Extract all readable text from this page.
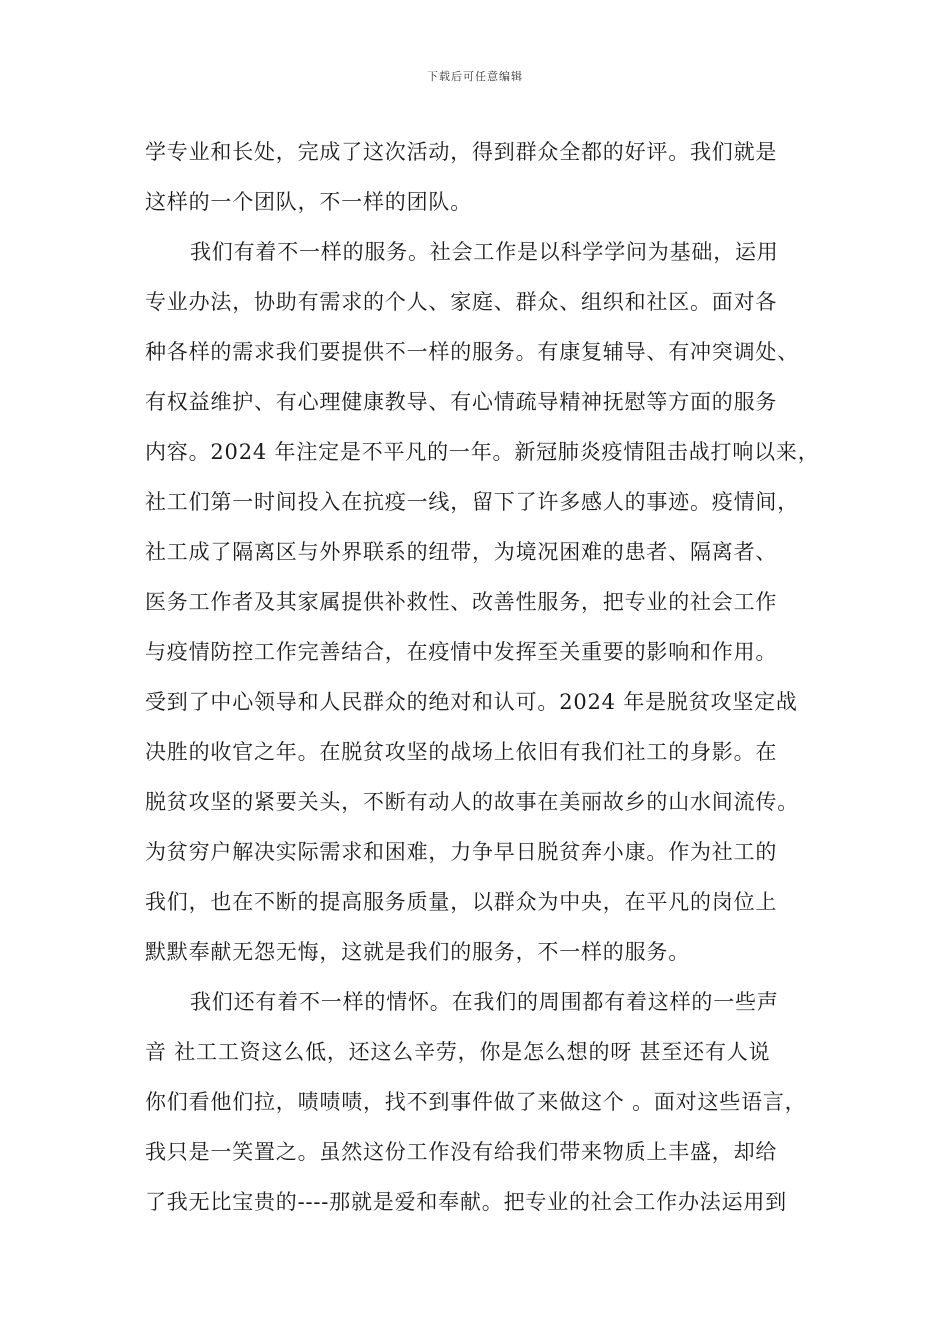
下载后可任意编辑
学专业和长处，完成了这次活动，得到群众全都的好评。我们就是
这样的一个团队，不一样的团队。
我们有着不一样的服务。社会工作是以科学学问为基础，运用
专业办法，协助有需求的个人、家庭、群众、组织和社区。面对各
种各样的需求我们要提供不一样的服务。有康复辅导、有冲突调处、
有权益维护、有心理健康教导、有心情疏导精神抚慰等方面的服务
内容。2024 年注定是不平凡的一年。新冠肺炎疫情阻击战打响以来，
社工们第一时间投入在抗疫一线，留下了许多感人的事迹。疫情间，
社工成了隔离区与外界联系的纽带，为境况困难的患者、隔离者、
医务工作者及其家属提供补救性、改善性服务，把专业的社会工作
与疫情防控工作完善结合，在疫情中发挥至关重要的影响和作用。
受到了中心领导和人民群众的绝对和认可。2024 年是脱贫攻坚定战
决胜的收官之年。在脱贫攻坚的战场上依旧有我们社工的身影。在
脱贫攻坚的紧要关头，不断有动人的故事在美丽故乡的山水间流传。
为贫穷户解决实际需求和困难，力争早日脱贫奔小康。作为社工的
我们，也在不断的提高服务质量，以群众为中央，在平凡的岗位上
默默奉献无怨无悔，这就是我们的服务，不一样的服务。
我们还有着不一样的情怀。在我们的周围都有着这样的一些声
音 社工工资这么低，还这么辛劳，你是怎么想的呀 甚至还有人说
你们看他们拉，啧啧啧，找不到事件做了来做这个 。面对这些语言，
我只是一笑置之。虽然这份工作没有给我们带来物质上丰盛，却给
了我无比宝贵的----那就是爱和奉献。把专业的社会工作办法运用到
